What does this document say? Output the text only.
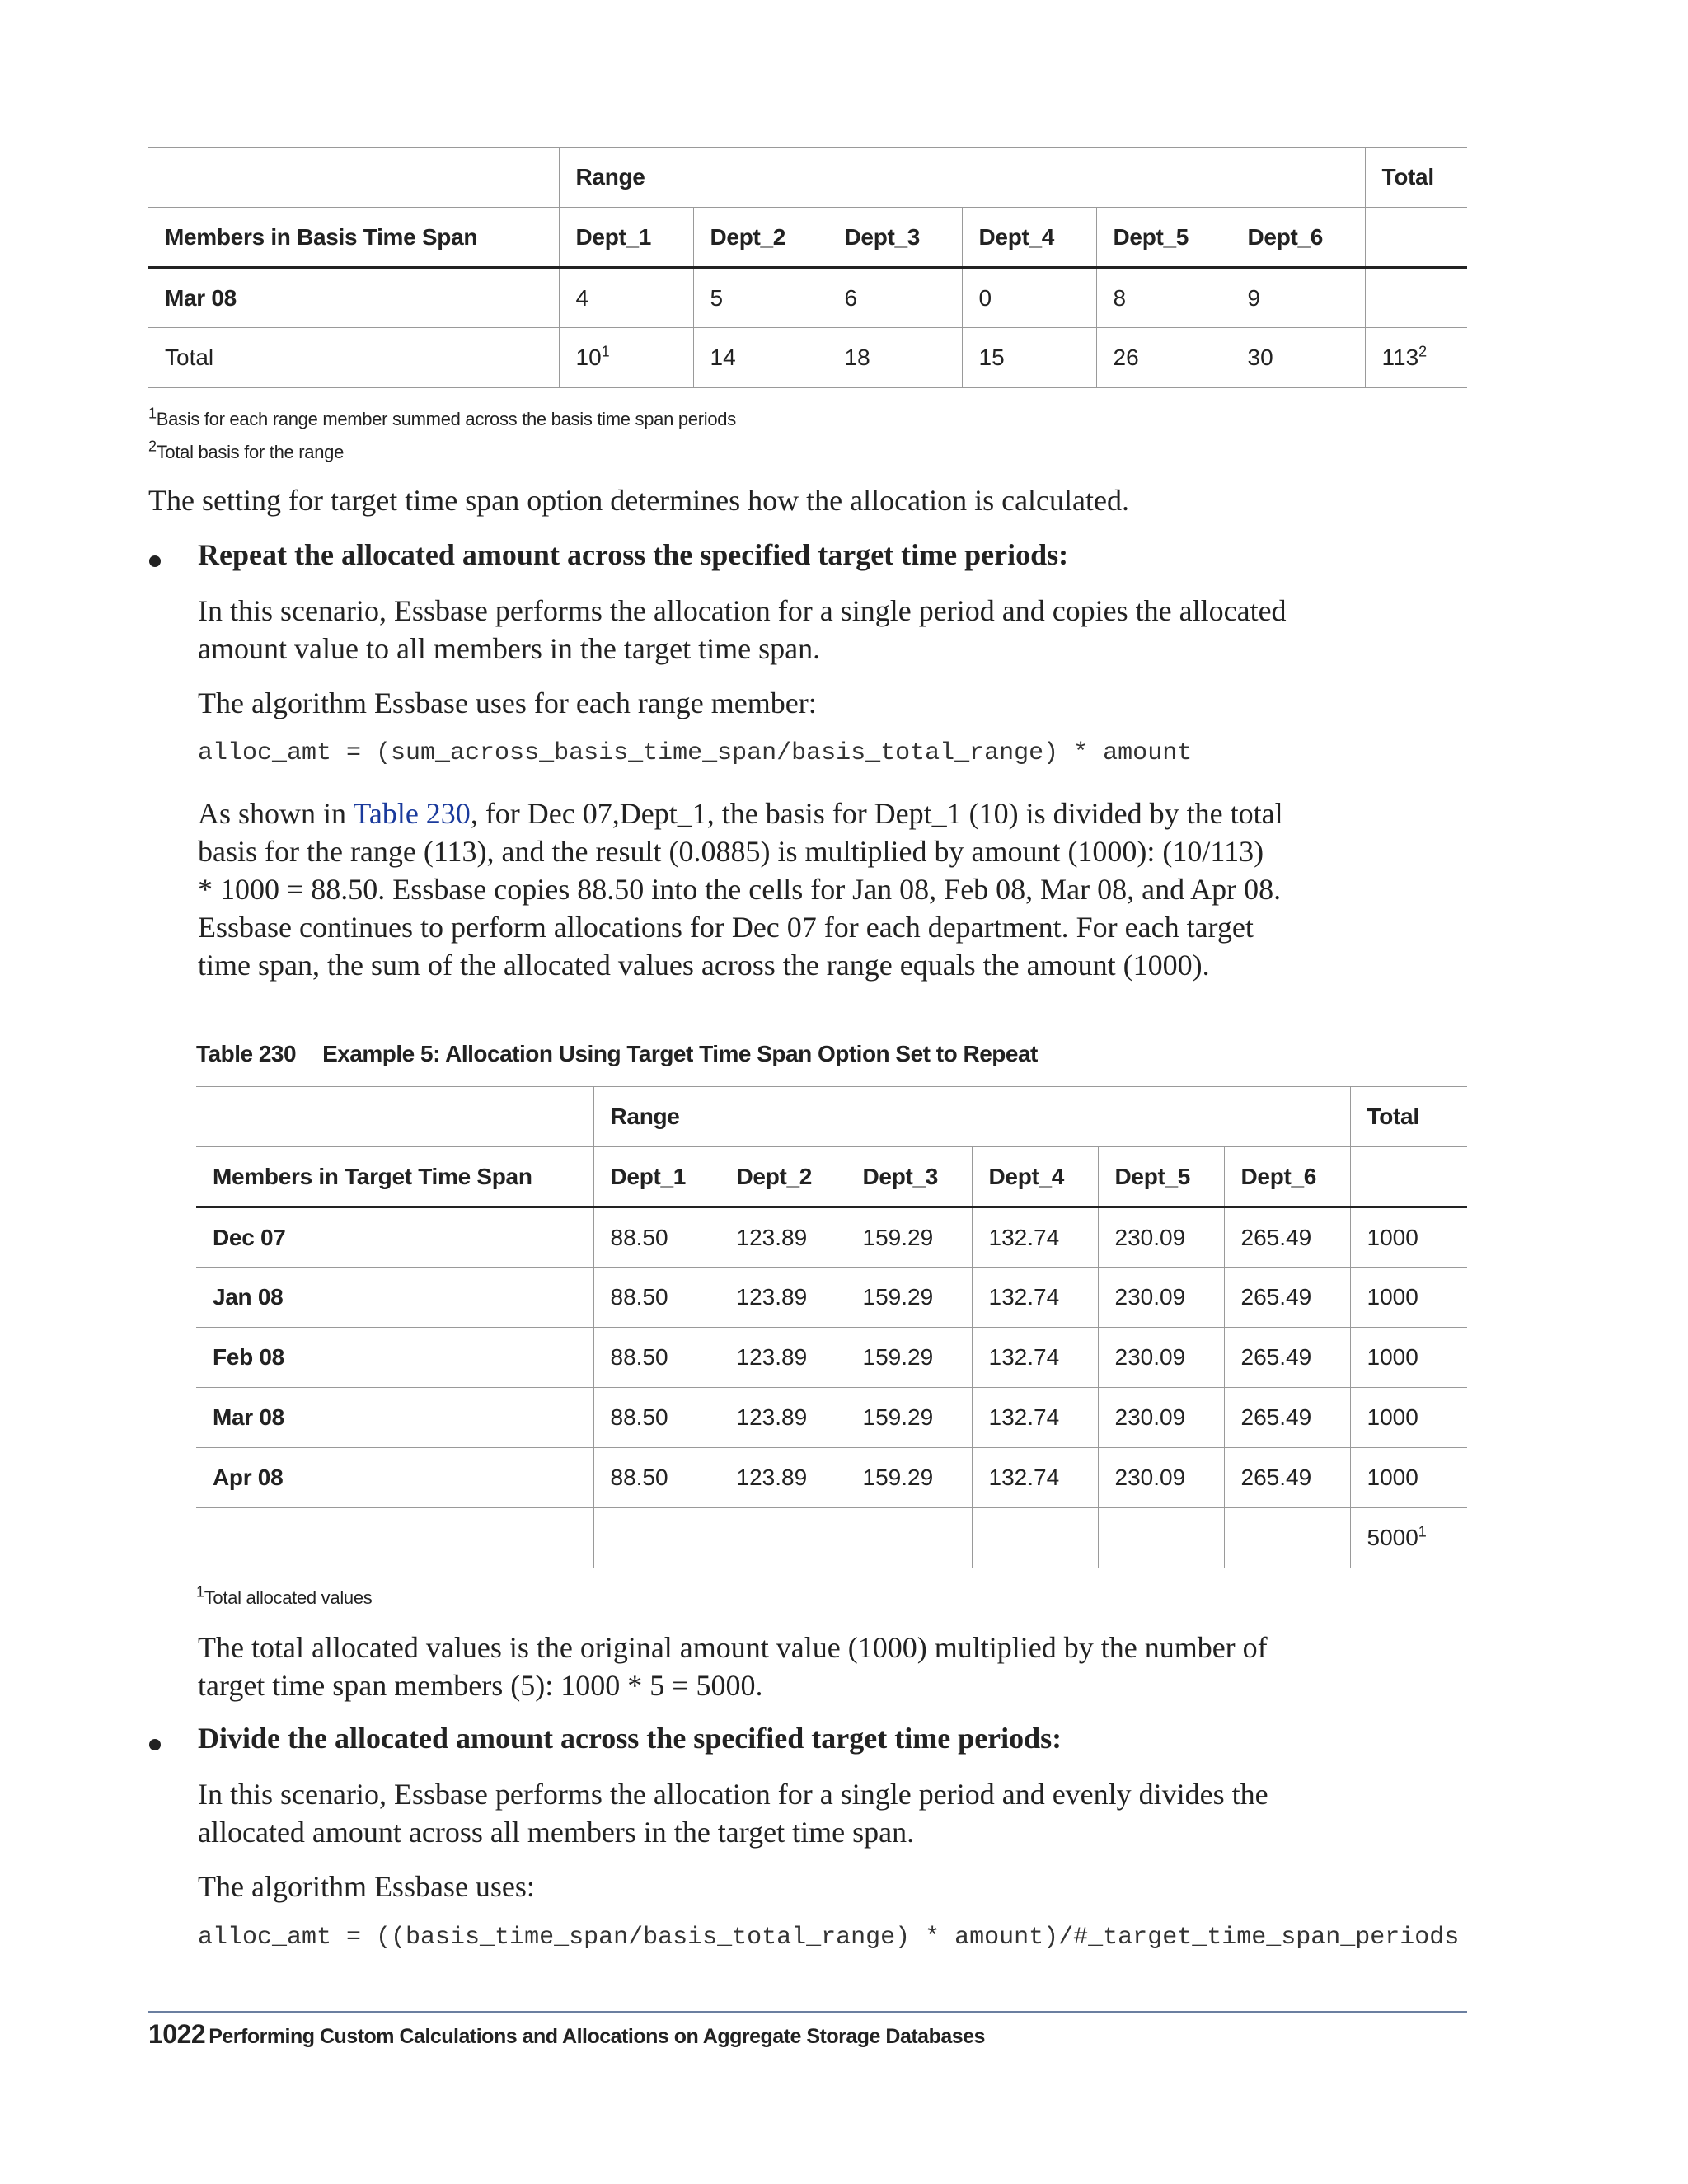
	Range						Total
Members in Basis Time Span	Dept_1	Dept_2	Dept_3	Dept_4	Dept_5	Dept_6	
Mar 08	4	5	6	0	8	9	
Total	$10^1$	14	18	15	26	30	$113^2$
$^1$Basis for each range member summed across the basis time span periods
$^2$Total basis for the range
The setting for target time span option determines how the allocation is calculated.
Repeat the allocated amount across the specified target time periods:
In this scenario, Essbase performs the allocation for a single period and copies the allocated
amount value to all members in the target time span.
The algorithm Essbase uses for each range member:
alloc_amt = (sum_across_basis_time_span/basis_total_range) * amount
As shown in Table 230, for Dec 07,Dept_1, the basis for Dept_1 (10) is divided by the total
basis for the range (113), and the result (0.0885) is multiplied by amount (1000): (10/113)
* 1000 = 88.50. Essbase copies 88.50 into the cells for Jan 08, Feb 08, Mar 08, and Apr 08.
Essbase continues to perform allocations for Dec 07 for each department. For each target
time span, the sum of the allocated values across the range equals the amount (1000).
Table 230 Example 5: Allocation Using Target Time Span Option Set to Repeat
	Range						Total
Members in Target Time Span	Dept_1	Dept_2	Dept_3	Dept_4	Dept_5	Dept_6	
Dec 07	88.50	123.89	159.29	132.74	230.09	265.49	1000
Jan 08	88.50	123.89	159.29	132.74	230.09	265.49	1000
Feb 08	88.50	123.89	159.29	132.74	230.09	265.49	1000
Mar 08	88.50	123.89	159.29	132.74	230.09	265.49	1000
Apr 08	88.50	123.89	159.29	132.74	230.09	265.49	1000
							5000$^1$
$^1$Total allocated values
The total allocated values is the original amount value (1000) multiplied by the number of
target time span members (5): 1000 * 5 = 5000.
Divide the allocated amount across the specified target time periods:
In this scenario, Essbase performs the allocation for a single period and evenly divides the
allocated amount across all members in the target time span.
The algorithm Essbase uses:
alloc_amt = ((basis_time_span/basis_total_range) * amount)/#_target_time_span_periods
1022 Performing Custom Calculations and Allocations on Aggregate Storage Databases
